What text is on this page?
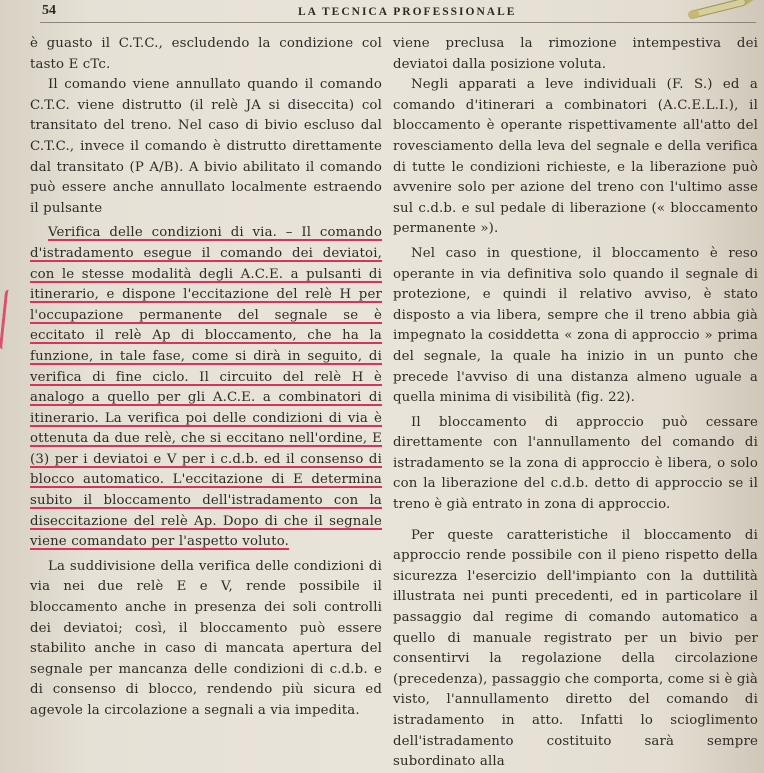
54	LA TECNICA PROFESSIONALE

è guasto il C.T.C., escludendo la condizione col tasto E cTc.

Il comando viene annullato quando il comando C.T.C. viene distrutto (il relè JA si diseccita) col transitato del treno. Nel caso di bivio escluso dal C.T.C., invece il comando è distrutto direttamente dal transitato (P A/B). A bivio abilitato il comando può essere anche annullato localmente estraendo il pulsante

Verifica delle condizioni di via. – Il comando d'istradamento esegue il comando dei deviatoi, con le stesse modalità degli A.C.E. a pulsanti di itinerario, e dispone l'eccitazione del relè H per l'occupazione permanente del segnale se è eccitato il relè Ap di bloccamento, che ha la funzione, in tale fase, come si dirà in seguito, di verifica di fine ciclo. Il circuito del relè H è analogo a quello per gli A.C.E. a combinatori di itinerario. La verifica poi delle condizioni di via è ottenuta da due relè, che si eccitano nell'ordine, E (3) per i deviatoi e V per i c.d.b. ed il consenso di blocco automatico. L'eccitazione di E determina subito il bloccamento dell'istradamento con la diseccitazione del relè Ap. Dopo di che il segnale viene comandato per l'aspetto voluto.

La suddivisione della verifica delle condizioni di via nei due relè E e V, rende possibile il bloccamento anche in presenza dei soli controlli dei deviatoi; così, il bloccamento può essere stabilito anche in caso di mancata apertura del segnale per mancanza delle condizioni di c.d.b. e di consenso di blocco, rendendo più sicura ed agevole la circolazione a segnali a via impedita.

viene preclusa la rimozione intempestiva dei deviatoi dalla posizione voluta.

Negli apparati a leve individuali (F. S.) ed a comando d'itinerari a combinatori (A.C.E.L.I.), il bloccamento è operante rispettivamente all'atto del rovesciamento della leva del segnale e della verifica di tutte le condizioni richieste, e la liberazione può avvenire solo per azione del treno con l'ultimo asse sul c.d.b. e sul pedale di liberazione (« bloccamento permanente »).

Nel caso in questione, il bloccamento è reso operante in via definitiva solo quando il segnale di protezione, e quindi il relativo avviso, è stato disposto a via libera, sempre che il treno abbia già impegnato la cosiddetta « zona di approccio » prima del segnale, la quale ha inizio in un punto che precede l'avviso di una distanza almeno uguale a quella minima di visibilità (fig. 22).

Il bloccamento di approccio può cessare direttamente con l'annullamento del comando di istradamento se la zona di approccio è libera, o solo con la liberazione del c.d.b. detto di approccio se il treno è già entrato in zona di approccio.

Per queste caratteristiche il bloccamento di approccio rende possibile con il pieno rispetto della sicurezza l'esercizio dell'impianto con la duttilità illustrata nei punti precedenti, ed in particolare il passaggio dal regime di comando automatico a quello di manuale registrato per un bivio per consentirvi la regolazione della circolazione (precedenza), passaggio che comporta, come si è già visto, l'annullamento diretto del comando di istradamento in atto. Infatti lo scioglimento dell'istradamento costituito sarà sempre subordinato alla
